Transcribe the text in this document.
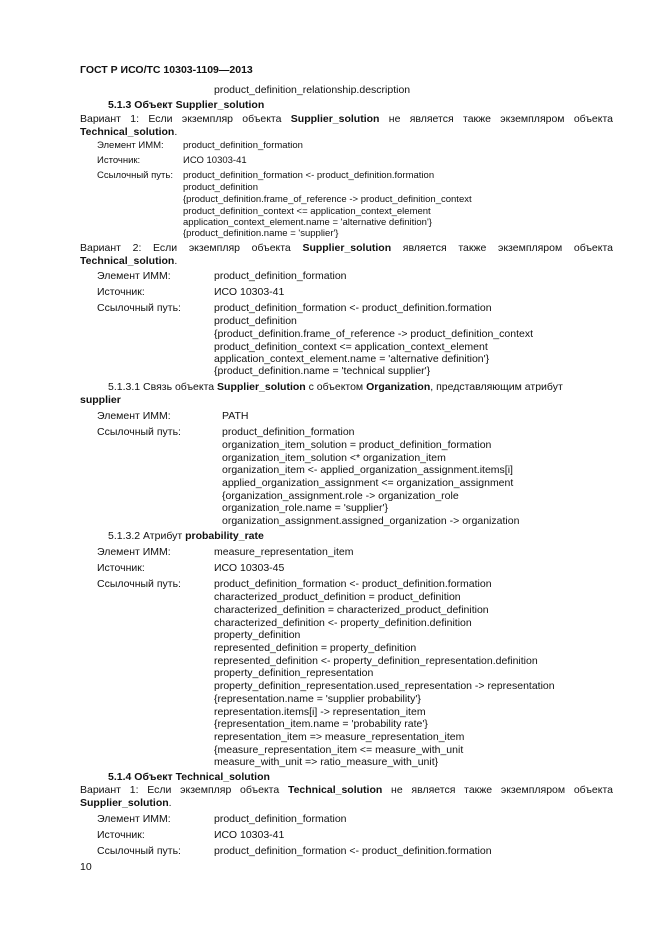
ГОСТ Р ИСО/ТС 10303-1109—2013
product_definition_relationship.description
5.1.3 Объект Supplier_solution
Вариант 1: Если экземпляр объекта Supplier_solution не является также экземпляром объекта
Technical_solution.
Элемент ИММ: product_definition_formation
Источник:	ИСО 10303-41
Ссылочный путь: product_definition_formation <- product_definition.formation
product_definition
{product_definition.frame_of_reference -> product_definition_context
product_definition_context <= application_context_element
application_context_element.name = 'alternative definition'}
{product_definition.name = 'supplier'}
Вариант 2: Если экземпляр объекта Supplier_solution является также экземпляром объекта
Technical_solution.
Элемент ИММ:	product_definition_formation
Источник:	ИСО 10303-41
Ссылочный путь:	product_definition_formation <- product_definition.formation
product_definition
{product_definition.frame_of_reference -> product_definition_context
product_definition_context <= application_context_element
application_context_element.name = 'alternative definition'}
{product_definition.name = 'technical supplier'}
5.1.3.1 Связь объекта Supplier_solution с объектом Organization, представляющим атрибут
supplier
Элемент ИММ:	PATH
Ссылочный путь:	product_definition_formation
organization_item_solution = product_definition_formation
organization_item_solution <* organization_item
organization_item <- applied_organization_assignment.items[i]
applied_organization_assignment <= organization_assignment
{organization_assignment.role -> organization_role
organization_role.name = 'supplier'}
organization_assignment.assigned_organization -> organization
5.1.3.2 Атрибут probability_rate
Элемент ИММ:	measure_representation_item
Источник:	ИСО 10303-45
Ссылочный путь:	product_definition_formation <- product_definition.formation
characterized_product_definition = product_definition
characterized_definition = characterized_product_definition
characterized_definition <- property_definition.definition
property_definition
represented_definition = property_definition
represented_definition <- property_definition_representation.definition
property_definition_representation
property_definition_representation.used_representation -> representation
{representation.name = 'supplier probability'}
representation.items[i] -> representation_item
{representation_item.name = 'probability rate'}
representation_item => measure_representation_item
{measure_representation_item <= measure_with_unit
measure_with_unit => ratio_measure_with_unit}
5.1.4 Объект Technical_solution
Вариант 1: Если экземпляр объекта Technical_solution не является также экземпляром объекта
Supplier_solution.
Элемент ИММ:	product_definition_formation
Источник:	ИСО 10303-41
Ссылочный путь:	product_definition_formation <- product_definition.formation
10
